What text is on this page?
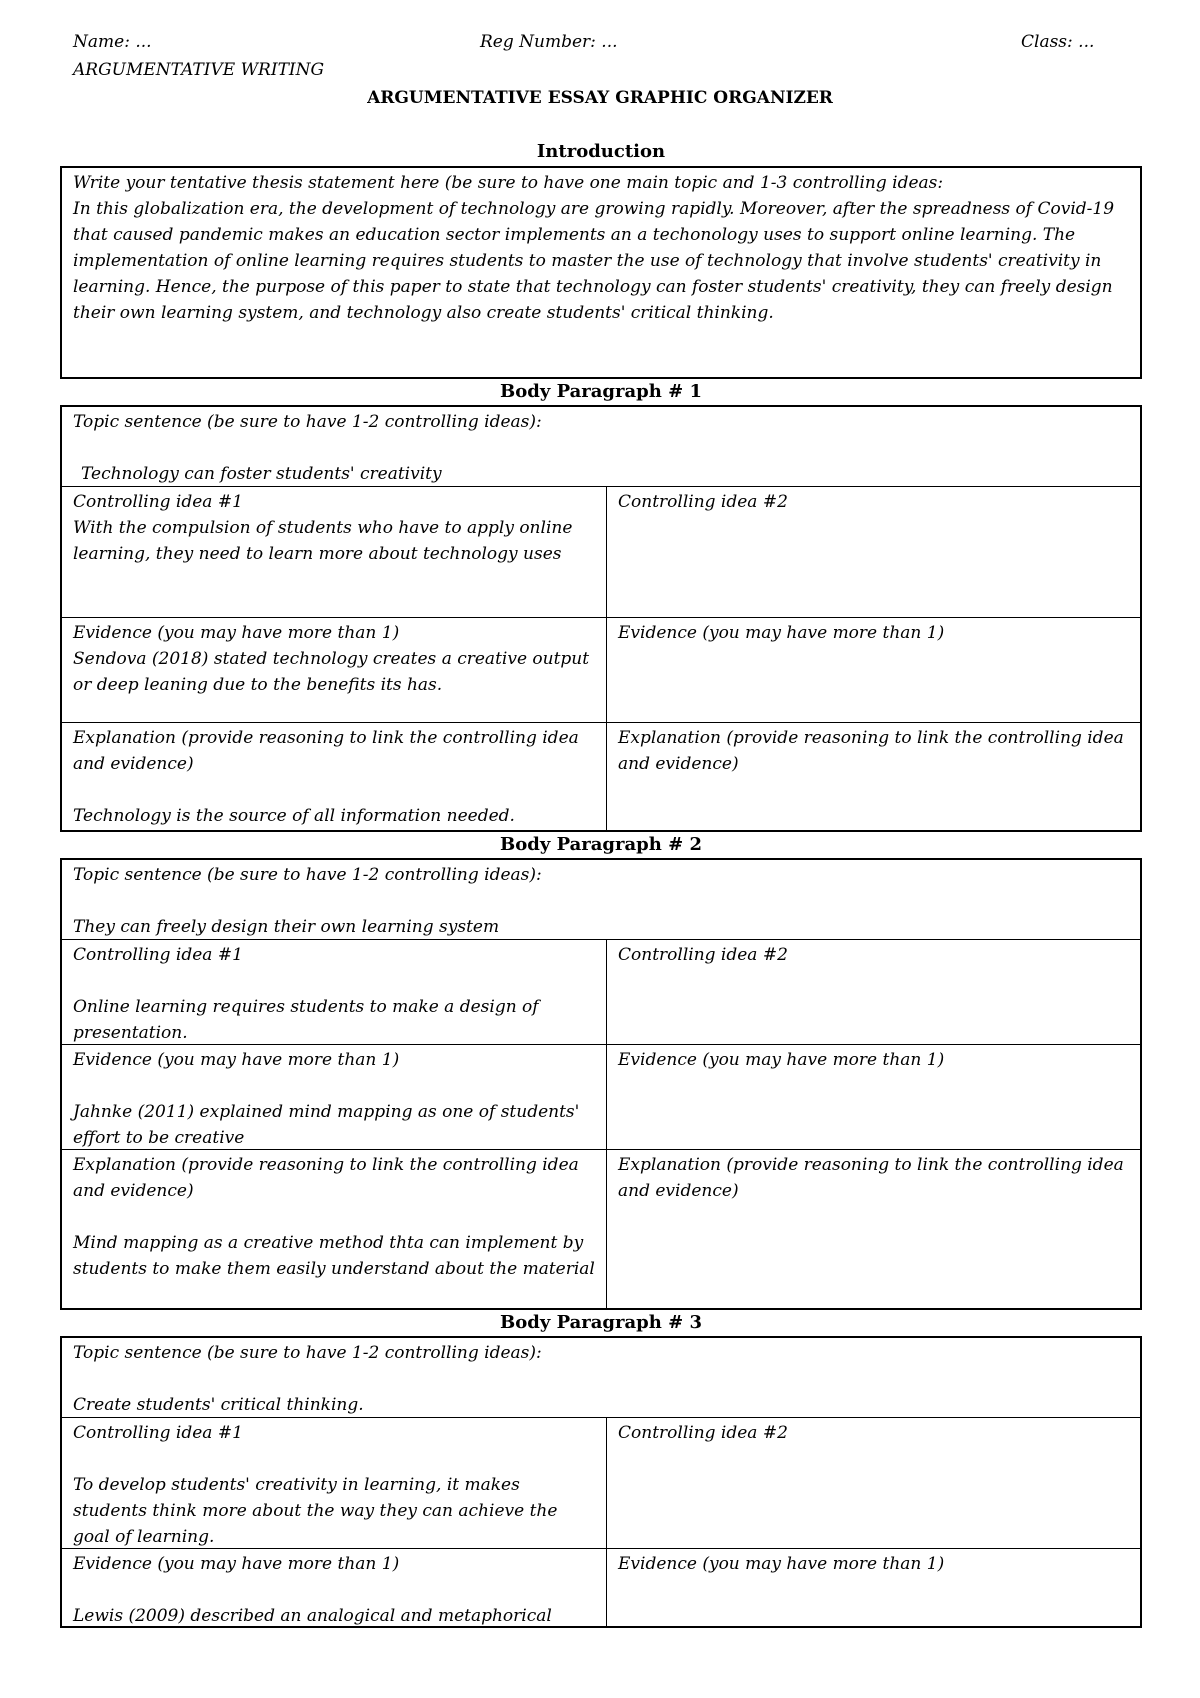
Name: ...	Reg Number: ...	Class: ...
ARGUMENTATIVE WRITING
ARGUMENTATIVE ESSAY GRAPHIC ORGANIZER
Introduction

Write your tentative thesis statement here (be sure to have one main topic and 1-3 controlling ideas:

In this globalization era, the development of technology are growing rapidly. Moreover, after the spreadness of Covid-19 that caused pandemic makes an education sector implements an a techonology uses to support online learning. The implementation of online learning requires students to master the use of technology that involve students' creativity in learning. Hence, the purpose of this paper to state that technology can foster students' creativity, they can freely design their own learning system, and technology also create students' critical thinking.

Body Paragraph # 1

Topic sentence (be sure to have 1-2 controlling ideas):

Technology can foster students' creativity

Controlling idea #1

With the compulsion of students who have to apply online learning, they need to learn more about technology uses

Controlling idea #2

Evidence (you may have more than 1)

Sendova (2018) stated technology creates a creative output or deep leaning due to the benefits its has.

Evidence (you may have more than 1)

Explanation (provide reasoning to link the controlling idea and evidence)

Technology is the source of all information needed.

Explanation (provide reasoning to link the controlling idea and evidence)

Body Paragraph # 2

Topic sentence (be sure to have 1-2 controlling ideas):

They can freely design their own learning system

Controlling idea #1

Online learning requires students to make a design of presentation.

Controlling idea #2

Evidence (you may have more than 1)

Jahnke (2011) explained mind mapping as one of students' effort to be creative

Evidence (you may have more than 1)

Explanation (provide reasoning to link the controlling idea and evidence)

Mind mapping as a creative method thta can implement by students to make them easily understand about the material

Explanation (provide reasoning to link the controlling idea and evidence)

Body Paragraph # 3

Topic sentence (be sure to have 1-2 controlling ideas):

Create students' critical thinking.

Controlling idea #1

To develop students' creativity in learning, it makes students think more about the way they can achieve the goal of learning.

Controlling idea #2

Evidence (you may have more than 1)

Lewis (2009) described an analogical and metaphorical

Evidence (you may have more than 1)
